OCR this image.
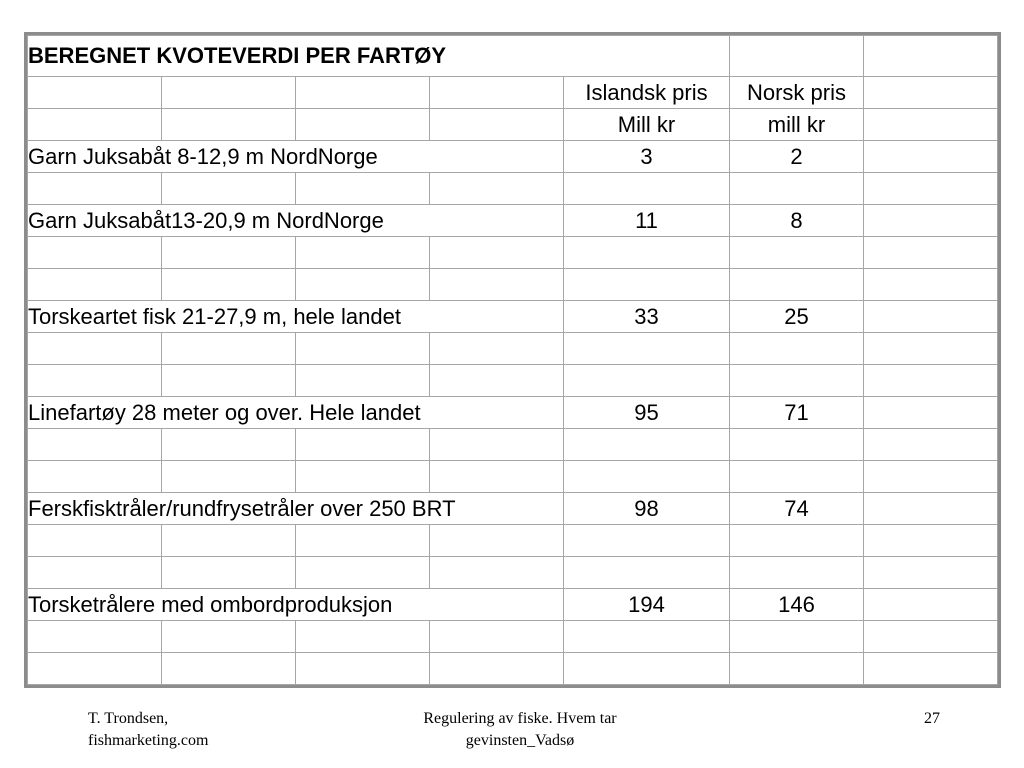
BEREGNET KVOTEVERDI PER FARTØY						
				Islandsk pris	Norsk pris	
				Mill kr	mill kr	
Garn Juksabåt 8-12,9 m NordNorge				3	2	

Garn Juksabåt13-20,9 m NordNorge				11	8	

Torskeartet fisk 21-27,9 m, hele landet				33	25	

Linefartøy 28 meter og over. Hele landet				95	71	

Ferskfisktråler/rundfrysetråler over 250 BRT				98	74	

Torsketrålere med ombordproduksjon				194	146	

T. Trondsen,
fishmarketing.com
Regulering av fiske. Hvem tar
gevinsten_Vadsø
27
